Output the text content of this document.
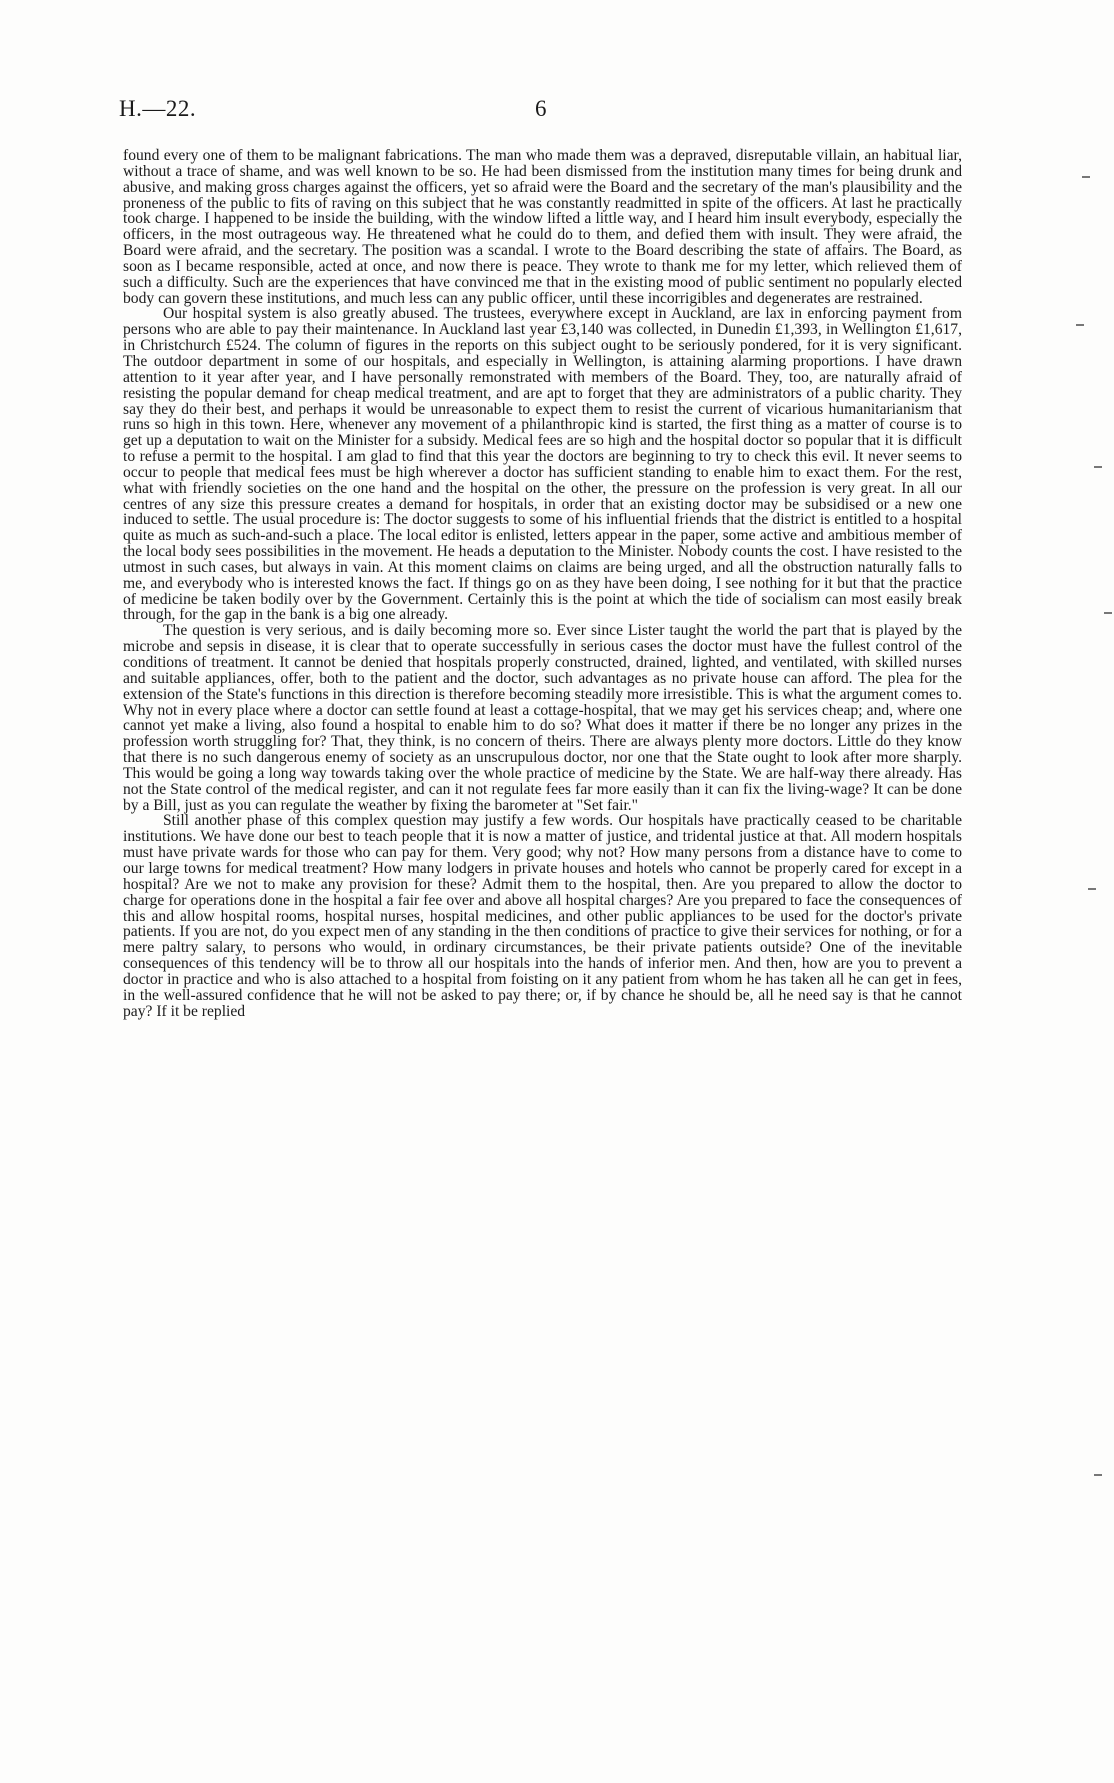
H.—22.	6

found every one of them to be malignant fabrications. The man who made them was a depraved, disreputable villain, an habitual liar, without a trace of shame, and was well known to be so. He had been dismissed from the institution many times for being drunk and abusive, and making gross charges against the officers, yet so afraid were the Board and the secretary of the man's plausibility and the proneness of the public to fits of raving on this subject that he was constantly readmitted in spite of the officers. At last he practically took charge. I happened to be inside the building, with the window lifted a little way, and I heard him insult everybody, especially the officers, in the most outrageous way. He threatened what he could do to them, and defied them with insult. They were afraid, the Board were afraid, and the secretary. The position was a scandal. I wrote to the Board describing the state of affairs. The Board, as soon as I became responsible, acted at once, and now there is peace. They wrote to thank me for my letter, which relieved them of such a difficulty. Such are the experiences that have convinced me that in the existing mood of public sentiment no popularly elected body can govern these institutions, and much less can any public officer, until these incorrigibles and degenerates are restrained.

Our hospital system is also greatly abused. The trustees, everywhere except in Auckland, are lax in enforcing payment from persons who are able to pay their maintenance. In Auckland last year £3,140 was collected, in Dunedin £1,393, in Wellington £1,617, in Christchurch £524. The column of figures in the reports on this subject ought to be seriously pondered, for it is very significant. The outdoor department in some of our hospitals, and especially in Wellington, is attaining alarming proportions. I have drawn attention to it year after year, and I have personally remonstrated with members of the Board. They, too, are naturally afraid of resisting the popular demand for cheap medical treatment, and are apt to forget that they are administrators of a public charity. They say they do their best, and perhaps it would be unreasonable to expect them to resist the current of vicarious humanitarianism that runs so high in this town. Here, whenever any movement of a philanthropic kind is started, the first thing as a matter of course is to get up a deputation to wait on the Minister for a subsidy. Medical fees are so high and the hospital doctor so popular that it is difficult to refuse a permit to the hospital. I am glad to find that this year the doctors are beginning to try to check this evil. It never seems to occur to people that medical fees must be high wherever a doctor has sufficient standing to enable him to exact them. For the rest, what with friendly societies on the one hand and the hospital on the other, the pressure on the profession is very great. In all our centres of any size this pressure creates a demand for hospitals, in order that an existing doctor may be subsidised or a new one induced to settle. The usual procedure is: The doctor suggests to some of his influential friends that the district is entitled to a hospital quite as much as such-and-such a place. The local editor is enlisted, letters appear in the paper, some active and ambitious member of the local body sees possibilities in the movement. He heads a deputation to the Minister. Nobody counts the cost. I have resisted to the utmost in such cases, but always in vain. At this moment claims on claims are being urged, and all the obstruction naturally falls to me, and everybody who is interested knows the fact. If things go on as they have been doing, I see nothing for it but that the practice of medicine be taken bodily over by the Government. Certainly this is the point at which the tide of socialism can most easily break through, for the gap in the bank is a big one already.

The question is very serious, and is daily becoming more so. Ever since Lister taught the world the part that is played by the microbe and sepsis in disease, it is clear that to operate successfully in serious cases the doctor must have the fullest control of the conditions of treatment. It cannot be denied that hospitals properly constructed, drained, lighted, and ventilated, with skilled nurses and suitable appliances, offer, both to the patient and the doctor, such advantages as no private house can afford. The plea for the extension of the State's functions in this direction is therefore becoming steadily more irresistible. This is what the argument comes to. Why not in every place where a doctor can settle found at least a cottage-hospital, that we may get his services cheap; and, where one cannot yet make a living, also found a hospital to enable him to do so? What does it matter if there be no longer any prizes in the profession worth struggling for? That, they think, is no concern of theirs. There are always plenty more doctors. Little do they know that there is no such dangerous enemy of society as an unscrupulous doctor, nor one that the State ought to look after more sharply. This would be going a long way towards taking over the whole practice of medicine by the State. We are half-way there already. Has not the State control of the medical register, and can it not regulate fees far more easily than it can fix the living-wage? It can be done by a Bill, just as you can regulate the weather by fixing the barometer at "Set fair."

Still another phase of this complex question may justify a few words. Our hospitals have practically ceased to be charitable institutions. We have done our best to teach people that it is now a matter of justice, and tridental justice at that. All modern hospitals must have private wards for those who can pay for them. Very good; why not? How many persons from a distance have to come to our large towns for medical treatment? How many lodgers in private houses and hotels who cannot be properly cared for except in a hospital? Are we not to make any provision for these? Admit them to the hospital, then. Are you prepared to allow the doctor to charge for operations done in the hospital a fair fee over and above all hospital charges? Are you prepared to face the consequences of this and allow hospital rooms, hospital nurses, hospital medicines, and other public appliances to be used for the doctor's private patients. If you are not, do you expect men of any standing in the then conditions of practice to give their services for nothing, or for a mere paltry salary, to persons who would, in ordinary circumstances, be their private patients outside? One of the inevitable consequences of this tendency will be to throw all our hospitals into the hands of inferior men. And then, how are you to prevent a doctor in practice and who is also attached to a hospital from foisting on it any patient from whom he has taken all he can get in fees, in the well-assured confidence that he will not be asked to pay there; or, if by chance he should be, all he need say is that he cannot pay? If it be replied
